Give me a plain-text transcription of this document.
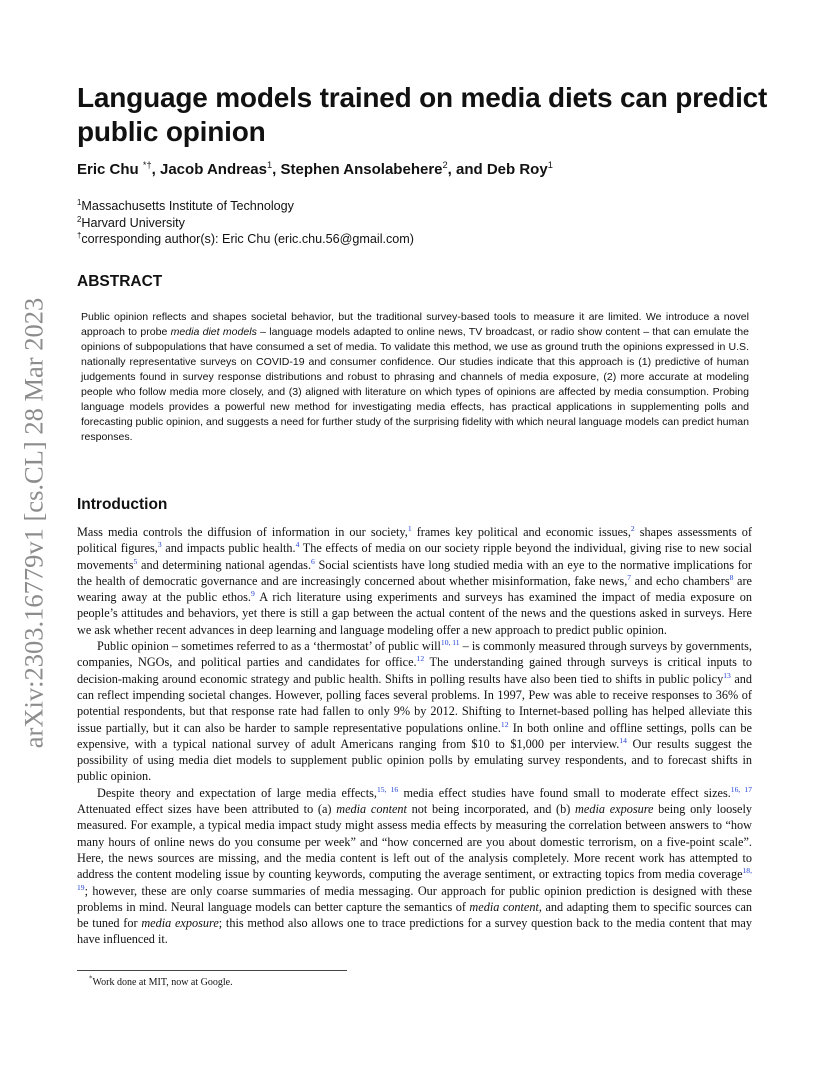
arXiv:2303.16779v1 [cs.CL] 28 Mar 2023
Language models trained on media diets can predict public opinion
Eric Chu *†, Jacob Andreas$^1$, Stephen Ansolabehere$^2$, and Deb Roy$^1$
$^1$Massachusetts Institute of Technology
$^2$Harvard University
†corresponding author(s): Eric Chu (eric.chu.56@gmail.com)
ABSTRACT

Public opinion reflects and shapes societal behavior, but the traditional survey-based tools to measure it are limited. We introduce a novel approach to probe media diet models – language models adapted to online news, TV broadcast, or radio show content – that can emulate the opinions of subpopulations that have consumed a set of media. To validate this method, we use as ground truth the opinions expressed in U.S. nationally representative surveys on COVID-19 and consumer confidence. Our studies indicate that this approach is (1) predictive of human judgements found in survey response distributions and robust to phrasing and channels of media exposure, (2) more accurate at modeling people who follow media more closely, and (3) aligned with literature on which types of opinions are affected by media consumption. Probing language models provides a powerful new method for investigating media effects, has practical applications in supplementing polls and forecasting public opinion, and suggests a need for further study of the surprising fidelity with which neural language models can predict human responses.

Introduction

Mass media controls the diffusion of information in our society,$^1$ frames key political and economic issues,$^2$ shapes assessments of political figures,$^3$ and impacts public health.$^4$ The effects of media on our society ripple beyond the individual, giving rise to new social movements$^5$ and determining national agendas.$^6$ Social scientists have long studied media with an eye to the normative implications for the health of democratic governance and are increasingly concerned about whether misinformation, fake news,$^7$ and echo chambers$^8$ are wearing away at the public ethos.$^9$ A rich literature using experiments and surveys has examined the impact of media exposure on people’s attitudes and behaviors, yet there is still a gap between the actual content of the news and the questions asked in surveys. Here we ask whether recent advances in deep learning and language modeling offer a new approach to predict public opinion.

Public opinion – sometimes referred to as a ‘thermostat’ of public will$^{10, 11}$ – is commonly measured through surveys by governments, companies, NGOs, and political parties and candidates for office.$^{12}$ The understanding gained through surveys is critical inputs to decision-making around economic strategy and public health. Shifts in polling results have also been tied to shifts in public policy$^{13}$ and can reflect impending societal changes. However, polling faces several problems. In 1997, Pew was able to receive responses to 36% of potential respondents, but that response rate had fallen to only 9% by 2012. Shifting to Internet-based polling has helped alleviate this issue partially, but it can also be harder to sample representative populations online.$^{12}$ In both online and offline settings, polls can be expensive, with a typical national survey of adult Americans ranging from $10 to $1,000 per interview.$^{14}$ Our results suggest the possibility of using media diet models to supplement public opinion polls by emulating survey respondents, and to forecast shifts in public opinion.

Despite theory and expectation of large media effects,$^{15, 16}$ media effect studies have found small to moderate effect sizes.$^{16, 17}$ Attenuated effect sizes have been attributed to (a) media content not being incorporated, and (b) media exposure being only loosely measured. For example, a typical media impact study might assess media effects by measuring the correlation between answers to “how many hours of online news do you consume per week” and “how concerned are you about domestic terrorism, on a five-point scale”. Here, the news sources are missing, and the media content is left out of the analysis completely. More recent work has attempted to address the content modeling issue by counting keywords, computing the average sentiment, or extracting topics from media coverage$^{18, 19}$; however, these are only coarse summaries of media messaging. Our approach for public opinion prediction is designed with these problems in mind. Neural language models can better capture the semantics of media content, and adapting them to specific sources can be tuned for media exposure; this method also allows one to trace predictions for a survey question back to the media content that may have influenced it.

*Work done at MIT, now at Google.
